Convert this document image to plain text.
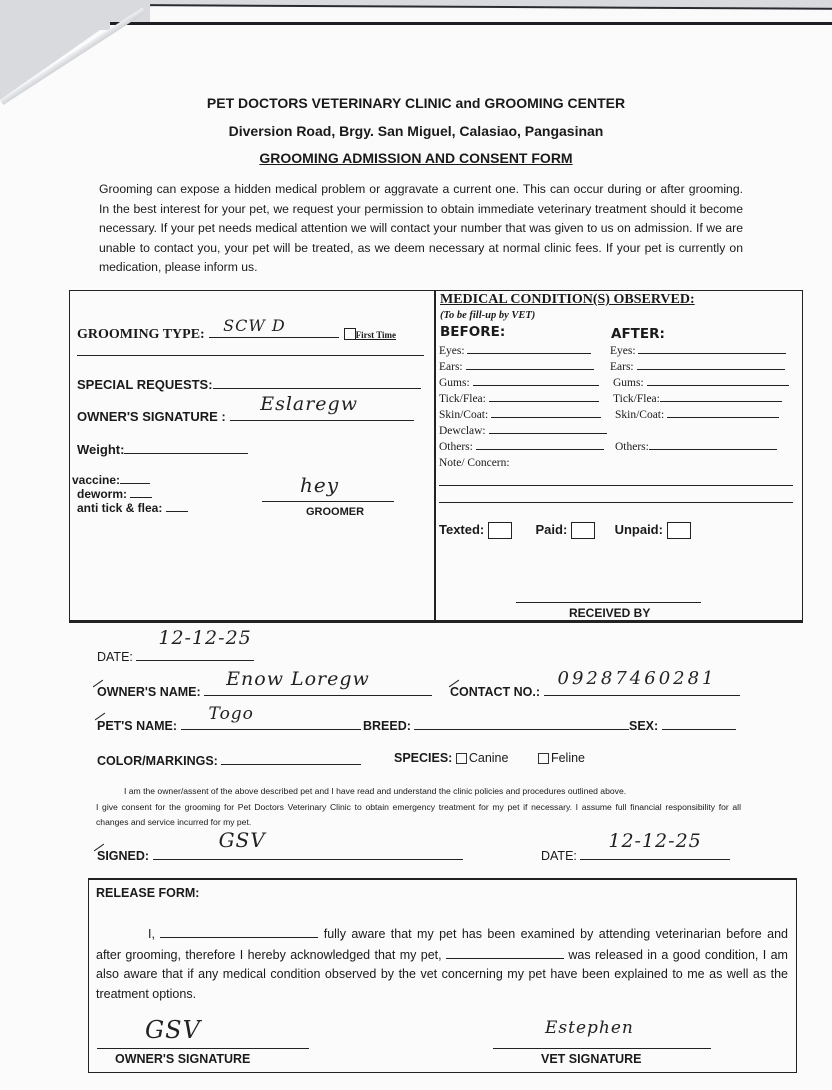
PET DOCTORS VETERINARY CLINIC and GROOMING CENTER
Diversion Road, Brgy. San Miguel, Calasiao, Pangasinan
GROOMING ADMISSION AND CONSENT FORM
Grooming can expose a hidden medical problem or aggravate a current one. This can occur during or after grooming. In the best interest for your pet, we request your permission to obtain immediate veterinary treatment should it become necessary. If your pet needs medical attention we will contact your number that was given to us on admission. If we are unable to contact you, your pet will be treated, as we deem necessary at normal clinic fees. If your pet is currently on medication, please inform us.
GROOMING TYPE: SCW D	First Time
SPECIAL REQUESTS:
OWNER'S SIGNATURE :
Eslaregw
Weight:
vaccine:
deworm:
anti tick & flea:
hey
GROOMER
MEDICAL CONDITION(S) OBSERVED:
(To be fill-up by VET)
BEFORE:	AFTER:
Eyes:	Eyes:
Ears:	Ears:
Gums:	Gums:
Tick/Flea:	Tick/Flea:
Skin/Coat:	Skin/Coat:
Dewclaw:
Others:	Others:
Note/ Concern:
Texted:	Paid:	Unpaid:
RECEIVED BY
DATE:
12-12-25
OWNER'S NAME:
Enow Loregw
CONTACT NO.:
09287460281
PET'S NAME:
Togo
BREED:	SEX:
COLOR/MARKINGS:	SPECIES: Canine	Feline
I am the owner/assent of the above described pet and I have read and understand the clinic policies and procedures outlined above.
I give consent for the grooming for Pet Doctors Veterinary Clinic to obtain emergency treatment for my pet if necessary. I assume full financial responsibility for all changes and service incurred for my pet.
SIGNED:
GSV
DATE:
12-12-25
RELEASE FORM:
I,	fully aware that my pet has been examined by attending veterinarian before and after grooming, therefore I hereby acknowledged that my pet,	was released in a good condition, I am also aware that if any medical condition observed by the vet concerning my pet have been explained to me as well as the treatment options.
GSV
OWNER'S SIGNATURE
Estephen
VET SIGNATURE
